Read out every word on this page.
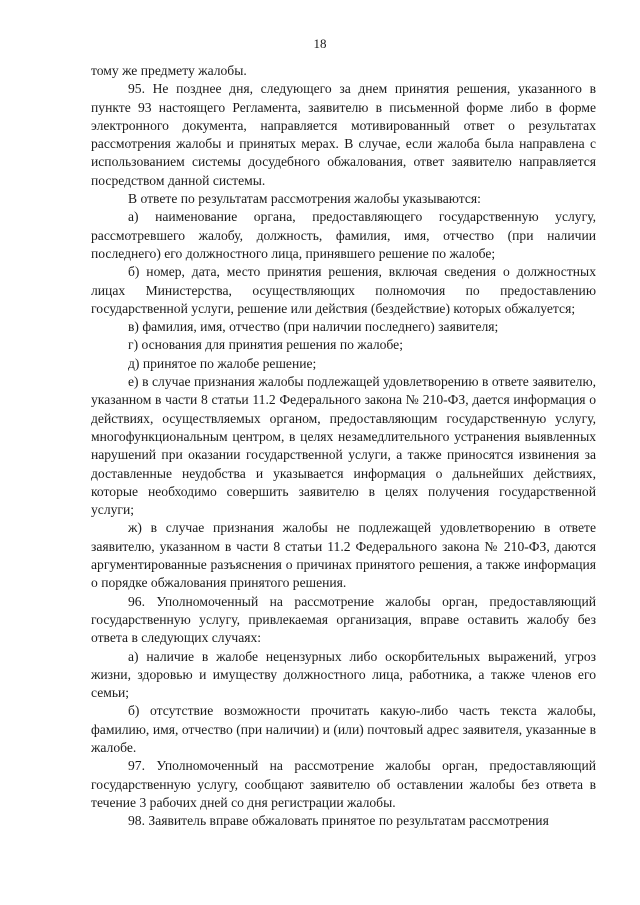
18

тому же предмету жалобы.

95. Не позднее дня, следующего за днем принятия решения, указанного в пункте 93 настоящего Регламента, заявителю в письменной форме либо в форме электронного документа, направляется мотивированный ответ о результатах рассмотрения жалобы и принятых мерах. В случае, если жалоба была направлена с использованием системы досудебного обжалования, ответ заявителю направляется посредством данной системы.

В ответе по результатам рассмотрения жалобы указываются:

а) наименование органа, предоставляющего государственную услугу, рассмотревшего жалобу, должность, фамилия, имя, отчество (при наличии последнего) его должностного лица, принявшего решение по жалобе;

б) номер, дата, место принятия решения, включая сведения о должностных лицах Министерства, осуществляющих полномочия по предоставлению государственной услуги, решение или действия (бездействие) которых обжалуется;

в) фамилия, имя, отчество (при наличии последнего) заявителя;

г) основания для принятия решения по жалобе;

д) принятое по жалобе решение;

е) в случае признания жалобы подлежащей удовлетворению в ответе заявителю, указанном в части 8 статьи 11.2 Федерального закона № 210-ФЗ, дается информация о действиях, осуществляемых органом, предоставляющим государственную услугу, многофункциональным центром, в целях незамедлительного устранения выявленных нарушений при оказании государственной услуги, а также приносятся извинения за доставленные неудобства и указывается информация о дальнейших действиях, которые необходимо совершить заявителю в целях получения государственной услуги;

ж) в случае признания жалобы не подлежащей удовлетворению в ответе заявителю, указанном в части 8 статьи 11.2 Федерального закона № 210-ФЗ, даются аргументированные разъяснения о причинах принятого решения, а также информация о порядке обжалования принятого решения.

96. Уполномоченный на рассмотрение жалобы орган, предоставляющий государственную услугу, привлекаемая организация, вправе оставить жалобу без ответа в следующих случаях:

а) наличие в жалобе нецензурных либо оскорбительных выражений, угроз жизни, здоровью и имуществу должностного лица, работника, а также членов его семьи;

б) отсутствие возможности прочитать какую-либо часть текста жалобы, фамилию, имя, отчество (при наличии) и (или) почтовый адрес заявителя, указанные в жалобе.

97. Уполномоченный на рассмотрение жалобы орган, предоставляющий государственную услугу, сообщают заявителю об оставлении жалобы без ответа в течение 3 рабочих дней со дня регистрации жалобы.

98. Заявитель вправе обжаловать принятое по результатам рассмотрения
